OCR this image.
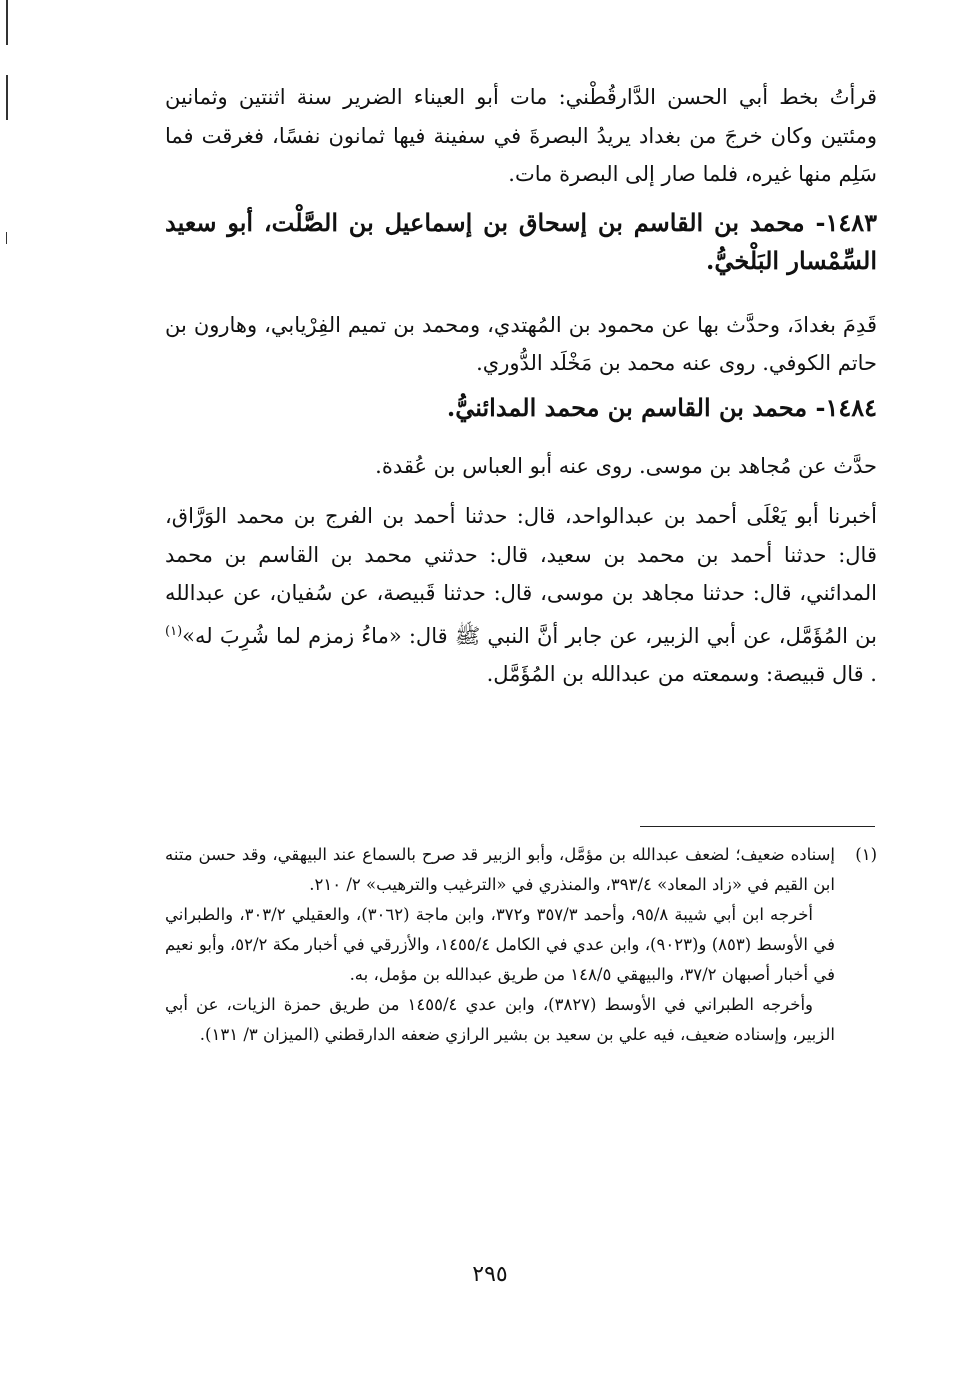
قرأتُ بخط أبي الحسن الدَّارقُطْني: مات أبو العيناء الضرير سنة اثنتين وثمانين ومئتين وكان خرجَ من بغداد يريدُ البصرةَ في سفينة فيها ثمانون نفسًا، فغرقت فما سَلِم منها غيره، فلما صار إلى البصرة مات.

١٤٨٣- محمد بن القاسم بن إسحاق بن إسماعيل بن الصَّلْت، أبو سعيد السِّمْسار البَلْخيُّ.

قَدِمَ بغدادَ، وحدَّث بها عن محمود بن المُهتدي، ومحمد بن تميم الفِرْيابي، وهارون بن حاتم الكوفي. روى عنه محمد بن مَخْلَد الدُّوري.

١٤٨٤- محمد بن القاسم بن محمد المدائنيُّ.

حدَّث عن مُجاهد بن موسى. روى عنه أبو العباس بن عُقدة.

أخبرنا أبو يَعْلَى أحمد بن عبدالواحد، قال: حدثنا أحمد بن الفرج بن محمد الوَرَّاق، قال: حدثنا أحمد بن محمد بن سعيد، قال: حدثني محمد بن القاسم بن محمد المدائني، قال: حدثنا مجاهد بن موسى، قال: حدثنا قَبيصة، عن سُفيان، عن عبدالله بن المُؤَمَّل، عن أبي الزبير، عن جابر أنَّ النبي ﷺ قال: «ماءُ زمزم لما شُرِبَ له»$^{(١)}$ . قال قبيصة: وسمعته من عبدالله بن المُؤَمَّل.

(١)

إسناده ضعيف؛ لضعف عبدالله بن مؤمَّل، وأبو الزبير قد صرح بالسماع عند البيهقي، وقد حسن متنه ابن القيم في «زاد المعاد» ٣٩٣/٤، والمنذري في «الترغيب والترهيب» ٢/ ٢١٠.

أخرجه ابن أبي شيبة ٩٥/٨، وأحمد ٣٥٧/٣ و٣٧٢، وابن ماجة (٣٠٦٢)، والعقيلي ٣٠٣/٢، والطبراني في الأوسط (٨٥٣) و(٩٠٢٣)، وابن عدي في الكامل ١٤٥٥/٤، والأزرقي في أخبار مكة ٥٢/٢، وأبو نعيم في أخبار أصبهان ٣٧/٢، والبيهقي ١٤٨/٥ من طريق عبدالله بن مؤمل، به.

وأخرجه الطبراني في الأوسط (٣٨٢٧)، وابن عدي ١٤٥٥/٤ من طريق حمزة الزيات، عن أبي الزبير، وإسناده ضعيف، فيه علي بن سعيد بن بشير الرازي ضعفه الدارقطني (الميزان ٣/ ١٣١).

٢٩٥
